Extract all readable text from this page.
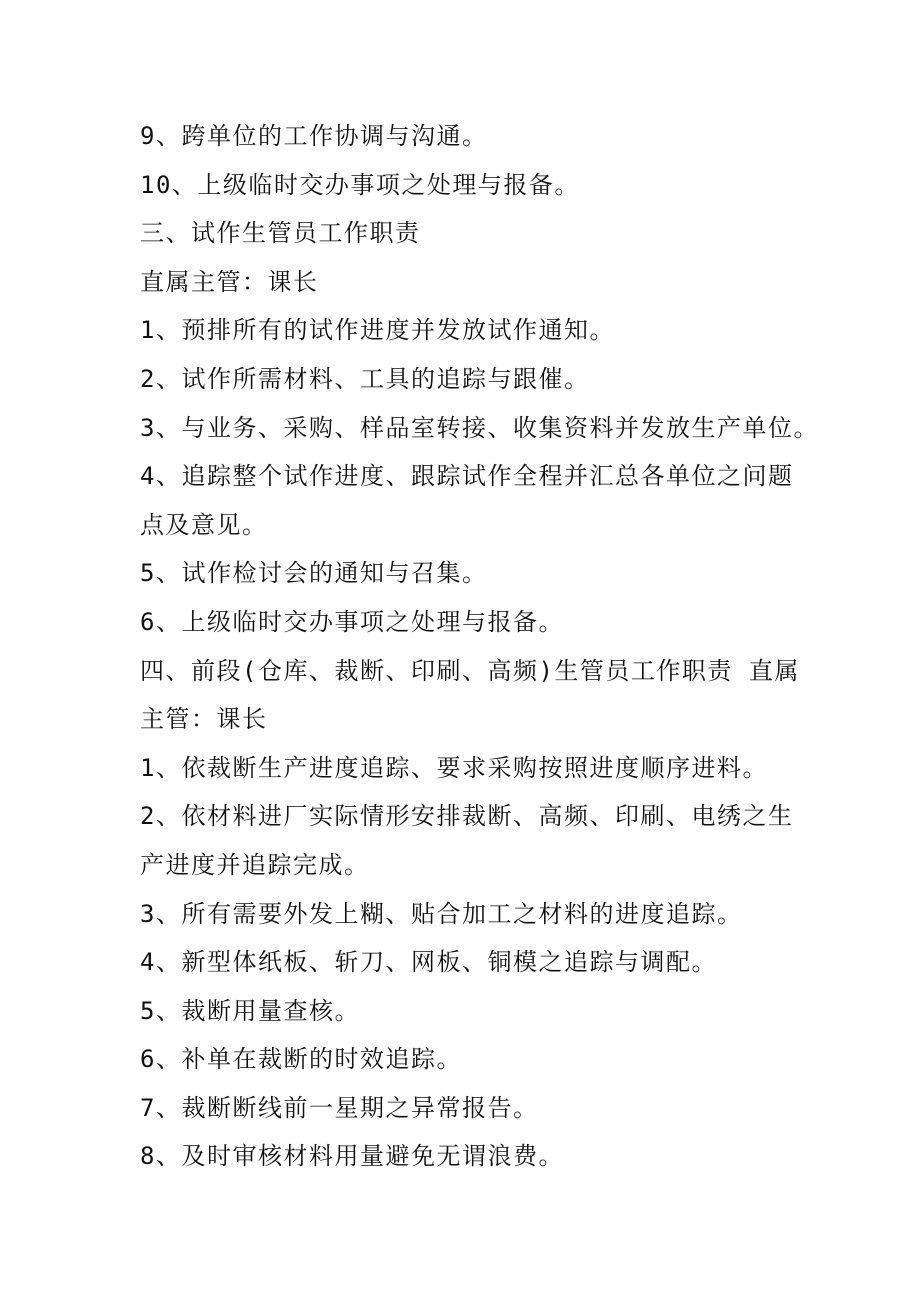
9、跨单位的工作协调与沟通。
10、上级临时交办事项之处理与报备。
三、试作生管员工作职责
直属主管：课长
1、预排所有的试作进度并发放试作通知。
2、试作所需材料、工具的追踪与跟催。
3、与业务、采购、样品室转接、收集资料并发放生产单位。
4、追踪整个试作进度、跟踪试作全程并汇总各单位之问题
点及意见。
5、试作检讨会的通知与召集。
6、上级临时交办事项之处理与报备。
四、前段(仓库、裁断、印刷、高频)生管员工作职责 直属
主管：课长
1、依裁断生产进度追踪、要求采购按照进度顺序进料。
2、依材料进厂实际情形安排裁断、高频、印刷、电绣之生
产进度并追踪完成。
3、所有需要外发上糊、贴合加工之材料的进度追踪。
4、新型体纸板、斩刀、网板、铜模之追踪与调配。
5、裁断用量查核。
6、补单在裁断的时效追踪。
7、裁断断线前一星期之异常报告。
8、及时审核材料用量避免无谓浪费。
